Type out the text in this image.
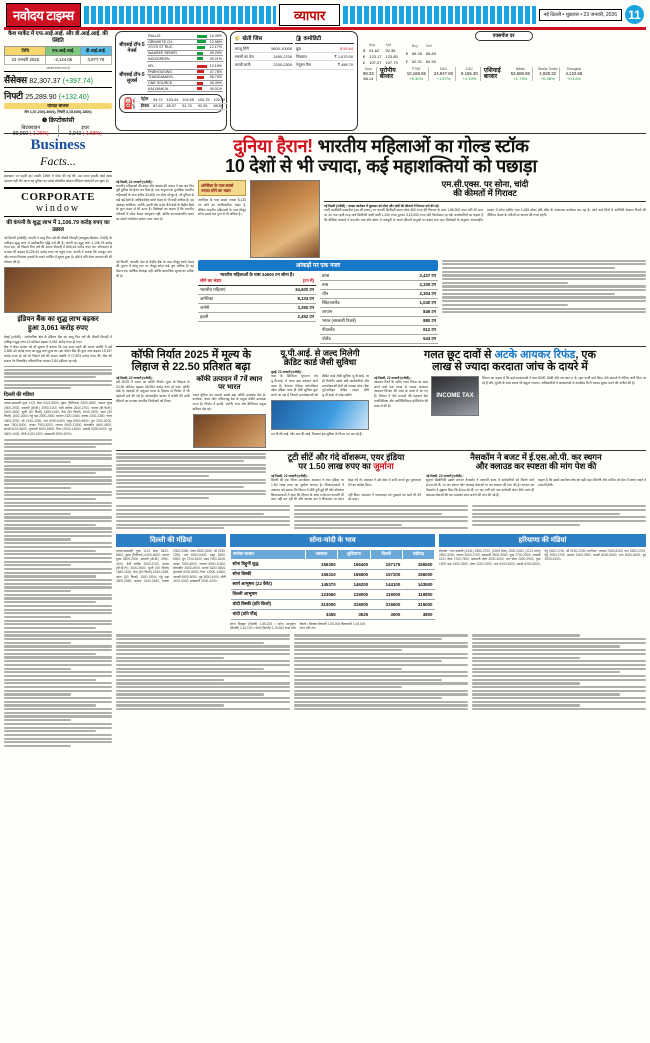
नवोदय टाइम्स	व्यापार	नई दिल्ली • शुक्रवार • 23 जनवरी, 2026 11
कैश मार्केट में एफ.आई.आई. और डी.आई.आई. की स्थिति
तिथि	एफ.आई.आई.	डी.आई.आई.
22 जनवरी 2026	-2,144.06	3,877.78
(आंकड़े करोड़ रुपए में)
सैंसेक्स 82,307.37 (+397.74)
निफ्टी 25,289.90 (+132.40)
वायदा बाजार
सेन 1,57,200(-3600), निफ्टी 3,15,600(-1800)
❺ क्रिप्टोकरंसी
बिटक्वाइन
89,060 (-1.26%)
इथर
2,943 (-1.58%)
बीएसई टॉप-5 गेनर्स
RALLIS		15.39%
ORIWHITE CH		12.98%
JYOTI ST RUC		12.17%
WAAREE RENER		09.29%
INOXGREEN		09.21%
बीएसई टॉप-5 लूजर्स
IIFL		13.15%
PNBHOUSING		07.78%
THANGAMAYIL		06.74%
ONE SOURCE		06.39%
KALYANKJIL		05.01%
⛽ पेट्रोल	94.72	103.44	104.95	100.75	102.92
डीजल	87.62	89.97	91.76	92.39	88.99
🌾 खेती जिंस
काजू गिरी	5600-10000
सरसों का तेल	2450-2700
कच्ची घानी	2200-2300
🛢 कमोडिटी
क्रूड	$ 59.84
निक्कल	₹ 1,670.00
नेचुरल गैस	₹ 498.70
एक्सचेंज दर
	Buy	Sell
$	91.62	92.36
€	123.17	123.85
£	107.07	107.79
	Buy	Sell
¥	66.26	66.83
₣	62.31	62.92
Dow
98.33
88.14
यूरोपीय बाजार
FTSE
10,168.65
+0.30%
DAX
24,947.60
+1.57%
CAC
8,165.30
+1.19%
एशियाई बाजार
Nikkei
53,688.89
+1.73%
Straits Times
4,828.32
+0.38%
Shanghai
4,122.58
+0.14%
Business
Facts...
इंस्टाग्राम पर पहली बार तस्वीर 1999 में पोस्ट की गई थी। उस समय इसकी कोई खास पहचान नहीं थी। आज यह दुनिया का सबसे लोकप्रिय सोशल मीडिया प्लेटफॉर्म बन चुका है।
CORPORATE
window
की कंपनी के शुद्ध लाभ में 1,106.79 करोड़ रुपए का उछाल
नई दिल्ली (एजेंसी)। कंपनी ने चालू वित्त वर्ष की तीसरी तिमाही (अक्टूबर-दिसंबर, 2025) के एकीकृत शुद्ध लाभ में उल्लेखनीय वृद्धि दर्ज की है। कंपनी का शुद्ध लाभ 1,106.79 करोड़ रुपए रहा, जो पिछले वित्त वर्ष की समान तिमाही में 806.44 करोड़ रुपए था। परिचालन से राजस्व भी बढ़कर 8,225.44 करोड़ रुपए पर पहुंच गया। कंपनी ने बताया कि मजबूत मांग और लागत नियंत्रण उपायों के चलते मार्जिन में सुधार हुआ है। बोर्ड ने प्रति शेयर लाभांश की भी घोषणा की है।
इंडियन बैंक का शुद्ध लाभ बढ़कर
हुआ 3,061 करोड़ रुपए
चेन्नई (एजेंसी) : सार्वजनिक क्षेत्र के इंडियन बैंक का चालू वित्त वर्ष की तीसरी तिमाही में एकीकृत शुद्ध लाभ 13 प्रतिशत बढ़कर 3,061 करोड़ रुपए हो गया।
बैंक ने शेयर बाजार को दी सूचना में बताया कि एक साल पहले की समान अवधि में उसे 2,852.40 करोड़ रुपए का शुद्ध लाभ हुआ था। इस दौरान बैंक की कुल आय बढ़कर 19,347 करोड़ रुपए हो गई जो पिछले वर्ष की समान अवधि में 17,903 करोड़ रुपए थी। बैंक की सकल गैर-निष्पादित परिसंपत्तियां घटकर 2.84 प्रतिशत रह गईं।
दिल्ली की मंडियां
चावल-बासमती पूसा 1121 सेला 8422-8500, दुबार (मिनिकट) 6300-6500, परमल मुच्छ 2800-2900, सरबती (डी.बी.) 2950-3100, देशी बारीक 2600-2700, चावल (बी.पी.टी.) 3400-3600, सूजी (50 किलो) 1585-1640, मैदा (50 किलो) 1545-1595, आटा (50 किलो) 1500-1550। गेहूं दड़ा 2800-2850, बाजरा 2420-2480, मक्का 2300-2380, ज्वार 2800-3200, जौ 2150-2250, चना 6000-6400, मसूर 6500-6900, मूंग 7200-8100, उड़द 7600-8400, अरहर 7500-8200, राजमा 9500-11500, सोयाबीन 4600-4900, सरसों 6200-6600, मूंगफली 6000-6600, तिल 12000-14500, अलसी 5500-6000, गुड़ 3800-4400, चीनी 4100-4300, खांडसारी 3900-4200।
दुनिया हैरान! भारतीय महिलाओं का गोल्ड स्टॉक
10 देशों से भी ज्यादा, कई महाशक्तियों को पछाड़ा
नई दिल्ली, 22 जनवरी (एजेंसी) :
भारतीय महिलाओं की बचत और आस्था की ताकत ने एक बार फिर पूरी दुनिया को हैरान कर दिया है। एक अनुमान के मुताबिक भारतीय महिलाओं के पास करीब 34,600 टन सोना मौजूद है, जो दुनिया के कई बड़े देशों के आधिकारिक स्वर्ण भंडार से भी कहीं अधिक है। यह आंकड़ा अमेरिका, जर्मनी, इटली और फ्रांस जैसे देशों के केंद्रीय बैंकों के कुल भंडार से भी ऊपर है। विशेषज्ञों का कहना है कि भारतीय परिवारों में सोना केवल आभूषण नहीं, बल्कि आपातकालीन बचत का सबसे भरोसेमंद साधन माना जाता है।
अमेरीका के पास सबसे ज्यादा सोने का भंडार
अमेरीका के पास सबसे ज्यादा 8,133 टन सोने का आधिकारिक भंडार है, लेकिन भारतीय महिलाओं के पास मौजूद सोना उससे चार गुना से भी अधिक है।
एम.सी.एक्स. पर सोना, चांदी
की कीमतों में गिरावट
नई दिल्ली (एजेंसी) : वायदा कारोबार में शुक्रवार को सोना और चांदी की कीमतों में गिरावट दर्ज की गई।
मल्टी कमोडिटी एक्सचेंज (एम.सी.एक्स.) पर फरवरी डिलीवरी वाला सोना 452 रुपए की गिरावट के साथ 1,56,300 रुपए प्रति 10 ग्राम पर आ गया। इसी तरह मार्च डिलीवरी वाली चांदी 1,240 रुपए टूटकर 3,13,000 रुपए प्रति किलोग्राम रह गई। कारोबारियों का कहना है कि वैश्विक बाजारों में कमजोर रुख और डॉलर में मजबूती के चलते कीमती धातुओं पर दबाव बना रहा। विशेषज्ञों के अनुसार अंतरराष्ट्रीय बाजार में सोना हाजिर भाव 4,185 डॉलर प्रति औंस के आसपास कारोबार कर रहा है। आने वाले दिनों में अमेरिकी फेडरल रिजर्व की नीतिगत बैठक के नतीजों पर बाजार की नजर रहेगी।
नई दिल्ली, जनवरी। देश के केंद्रीय बैंक के पास मौजूद स्वर्ण भंडार की तुलना में घरेलू स्तर पर मौजूद सोना कई गुना अधिक है। यह केवल एक आर्थिक आंकड़ा नहीं, बल्कि सामाजिक सुरक्षा का प्रतीक भी है।
आंकड़ों पर एक नजर
भारतीय महिलाओं के पास 34600 टन सोना है।
सोने का भंडार	(टन में)
भारतीय महिलाएं	34,600 टन
अमेरिका	8,133 टन
जर्मनी	3,350 टन
इटली	2,452 टन
फ्रांस	2,437 टन
रूस	2,330 टन
चीन	2,304 टन
स्विटजरलैंड	1,040 टन
जापान	846 टन
भारत (सरकारी रिजर्व)	880 टन
नीदरलैंड	612 टन
पोलैंड	543 टन
कॉफी निर्यात 2025 में मूल्य के
लिहाज से 22.50 प्रतिशत बढ़ा
नई दिल्ली, 22 जनवरी (एजेंसी) :
वर्ष 2025 में भारत का कॉफी निर्यात मूल्य के लिहाज से 22.50 प्रतिशत बढ़कर 46,954 करोड़ रुपए हो गया। कॉफी बोर्ड के आंकड़ों के अनुसार मात्रा के हिसाब से निर्यात में भी बढ़ोतरी दर्ज की गई है। अंतरराष्ट्रीय बाजार में कॉफी की ऊंची कीमतों का फायदा भारतीय निर्यातकों को मिला।
कॉफी उत्पादन में 7वें स्थान पर भारत
भारत दुनिया का सातवां सबसे बड़ा कॉफी उत्पादक देश है। कर्नाटक, केरल और तमिलनाडु देश के प्रमुख कॉफी उत्पादक राज्य हैं। निर्यात में इटली, जर्मनी, रूस और बेल्जियम प्रमुख खरीदार देश रहे।
यू.पी.आई. से जल्द मिलेगी
क्रेडिट कार्ड जैसी सुविधा
मुंबई, 22 जनवरी (एजेंसी) :
पास के डिजिटल भुगतान मंच यू.पी.आई. में जल्द बड़ा बदलाव आने वाला है। नेशनल पेमेंट्स कॉरपोरेशन ऑफ इंडिया जल्द ही ऐसी सुविधा शुरू करने जा रहा है जिसमें उपभोक्ताओं को क्रेडिट कार्ड जैसी सुविधा यू.पी.आई. पर ही मिलेगी। इससे छोटे कारोबारियों और उपभोक्ताओं दोनों को फायदा होगा। बैंक पूर्व-स्वीकृत क्रेडिट लाइन सीधे यू.पी.आई. से जोड़ सकेंगे।
एन.पी.सी.आई. और आर.बी.आई. मिलकर इस सुविधा के नियम तय कर रहे हैं।
गलत छूट दावों से अटके आयकर रिफंड, एक
लाख से ज्यादा करदाता जांच के दायरे में
नई दिल्ली, 22 जनवरी (एजेंसी) :
आयकर रिटर्न के जरिए गलत रिफंड का दावा करने वाले एक लाख से ज्यादा करदाता आयकर विभाग की जांच के दायरे में आ गए हैं। विभाग ने ऐसे मामलों की पहचान डेटा एनालिटिक्स और आर्टिफिशियल इंटेलिजेंस की मदद से की है।
INCOME TAX
विभाग का कहना है कि कई करदाताओं ने धारा 80सी, 80डी और एच.आर.ए. के तहत फर्जी दावे किए। ऐसे मामलों में नोटिस जारी किए जा रहे हैं और जुर्माने के साथ ब्याज भी वसूला जाएगा। अधिकारियों ने करदाताओं से अपडेटेड रिटर्न भरकर सुधार करने की अपील की है।
टूटी सीटें और गंदे वॉशरूम, एयर इंडिया
पर 1.50 लाख रुपए का जुर्माना
नई दिल्ली, 22 जनवरी (एजेंसी) :
दिल्ली की एक जिला उपभोक्ता अदालत ने एयर इंडिया पर 1.50 लाख रुपए का जुर्माना लगाया है। शिकायतकर्ता ने अदालत को बताया कि विमान में सीटें टूटी हुई थीं और वॉशरूम बेहद गंदे थे। अदालत ने इसे सेवा में कमी मानते हुए मुआवजा देने का आदेश दिया।
शिकायतकर्ता ने कहा कि विमान के अंदर मनोरंजन प्रणाली भी काम नहीं कर रही थी और चालक दल ने शिकायत पर ध्यान नहीं दिया। अदालत ने एयरलाइन को मुकदमे का खर्च भी देने को कहा।
नैसकॉम ने बजट में ई.एस.ओ.पी. कर स्थगन
और क्लाउड कर स्पष्टता की मांग पेश की
नई दिल्ली, 22 जनवरी (एजेंसी) :
सूचना प्रौद्योगिकी उद्योग संगठन नैसकॉम ने आगामी बजट में कर्मचारियों को मिलने वाले ई.एस.ओ.पी. पर कर स्थगन और क्लाउड सेवाओं पर कर स्पष्टता की मांग की है। संगठन का कहना है कि इससे स्टार्टअप क्षेत्र को बड़ी राहत मिलेगी और प्रतिभा को देश में बनाए रखने में मदद मिलेगी।
नैसकॉम ने सुझाव दिया कि ई.एस.ओ.पी. पर कर तभी लगे जब कर्मचारी शेयर बेचे। साथ ही क्लाउड सेवाओं की कर व्यवस्था सरल बनाने की मांग की गई है।
दिल्ली की मंडियां
चावल-बासमती पूसा 1121 सेला 8422-8500, दुबार (मिनिकट) 6300-6500, परमल मुच्छ 2800-2900, सरबती (डी.बी.) 2950-3100, देशी बारीक 2600-2700, चावल (बी.पी.टी.) 3400-3600, सूजी (50 किलो) 1585-1640, मैदा (50 किलो) 1545-1595, आटा (50 किलो) 1500-1550। गेहूं दड़ा 2800-2850, बाजरा 2420-2480, मक्का 2300-2380, ज्वार 2800-3200, जौ 2150-2250, चना 6000-6400, मसूर 6500-6900, मूंग 7200-8100, उड़द 7600-8400, अरहर 7500-8200, राजमा 9500-11500, सोयाबीन 4600-4900, सरसों 6200-6600, मूंगफली 6000-6600, तिल 12000-14500, अलसी 5500-6000, गुड़ 3800-4400, चीनी 4100-4300, खांडसारी 3900-4200।
सोना-चांदी के भाव
सर्राफा बाजार	जालंधर	लुधियाना	दिल्ली	चंडीगढ़
सोना बिट्टुर्नी शुद्ध	156300	156400	157175	155500
सोना बिस्की	156310	156500	157200	156000
स्वर्ण आभूषण (22 कैरेट)	145370	146200	144100	143500
चिल्ली आभूषण	123560	119000	119000	119800
चांदी बिस्की (प्रति किलो)	313000	316000	315600	315000
चांदी (प्रति पौंड)	3455	3625	3600	3800
सोना बिस्कुट (दिल्ली) 1,56,200 • सोना आभूषण (दिल्ली) 1,44,100 • चांदी (दिल्ली) 3,15,600 रुपए प्रति किलो • सिक्का लिवाली 1,05,000 बिकवाली 1,06,000 रुपए प्रति नग।
हरियाणा की मंडियां
रोहतक : धान सरबती (1441) 2650-2700, (1509 मोटा) 2300-2400, (1121 मोटा) 2900-3200, परमल 2600-2700, बासमती 2800-3000, पूसा 2700-2900, शरबती 1121 सेला 7200-7600, बासमती मोटा 3000-3200, धान सेला 2600-2900, पूसा 1509 दड़ा 2400-2600, मोटा 2200-2400, चना 6000-6300, सरसों 6200-6500, गेहूं 2600-2700, जौ 2150-2300। पानीपत : कपास 7600-8100, धान 2500-2700, गेहूं 2650-2750, बाजरा 2400-2500, सरसों 6200-6500, चना 6000-6400, गुड़ 3900-4300।
